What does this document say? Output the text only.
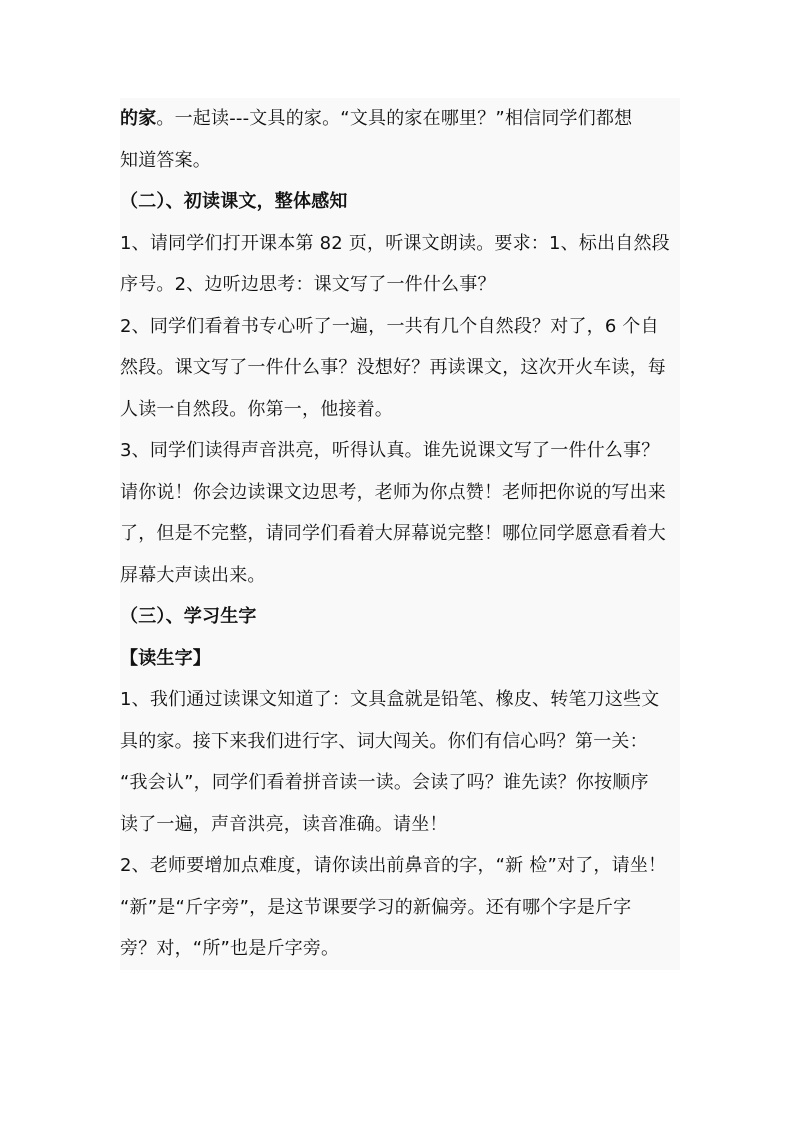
的家。一起读---文具的家。“文具的家在哪里？”相信同学们都想
知道答案。

（二）、初读课文，整体感知

1、请同学们打开课本第 82 页，听课文朗读。要求：1、标出自然段
序号。2、边听边思考：课文写了一件什么事？

2、同学们看着书专心听了一遍，一共有几个自然段？对了，6 个自
然段。课文写了一件什么事？没想好？再读课文，这次开火车读，每
人读一自然段。你第一，他接着。

3、同学们读得声音洪亮，听得认真。谁先说课文写了一件什么事？
请你说！你会边读课文边思考，老师为你点赞！老师把你说的写出来
了，但是不完整，请同学们看着大屏幕说完整！哪位同学愿意看着大
屏幕大声读出来。

（三）、学习生字

【读生字】

1、我们通过读课文知道了：文具盒就是铅笔、橡皮、转笔刀这些文
具的家。接下来我们进行字、词大闯关。你们有信心吗？第一关：
“我会认”，同学们看着拼音读一读。会读了吗？谁先读？你按顺序
读了一遍，声音洪亮，读音准确。请坐！

2、老师要增加点难度，请你读出前鼻音的字，“新 检”对了，请坐！
“新”是“斤字旁”，是这节课要学习的新偏旁。还有哪个字是斤字
旁？对，“所”也是斤字旁。
